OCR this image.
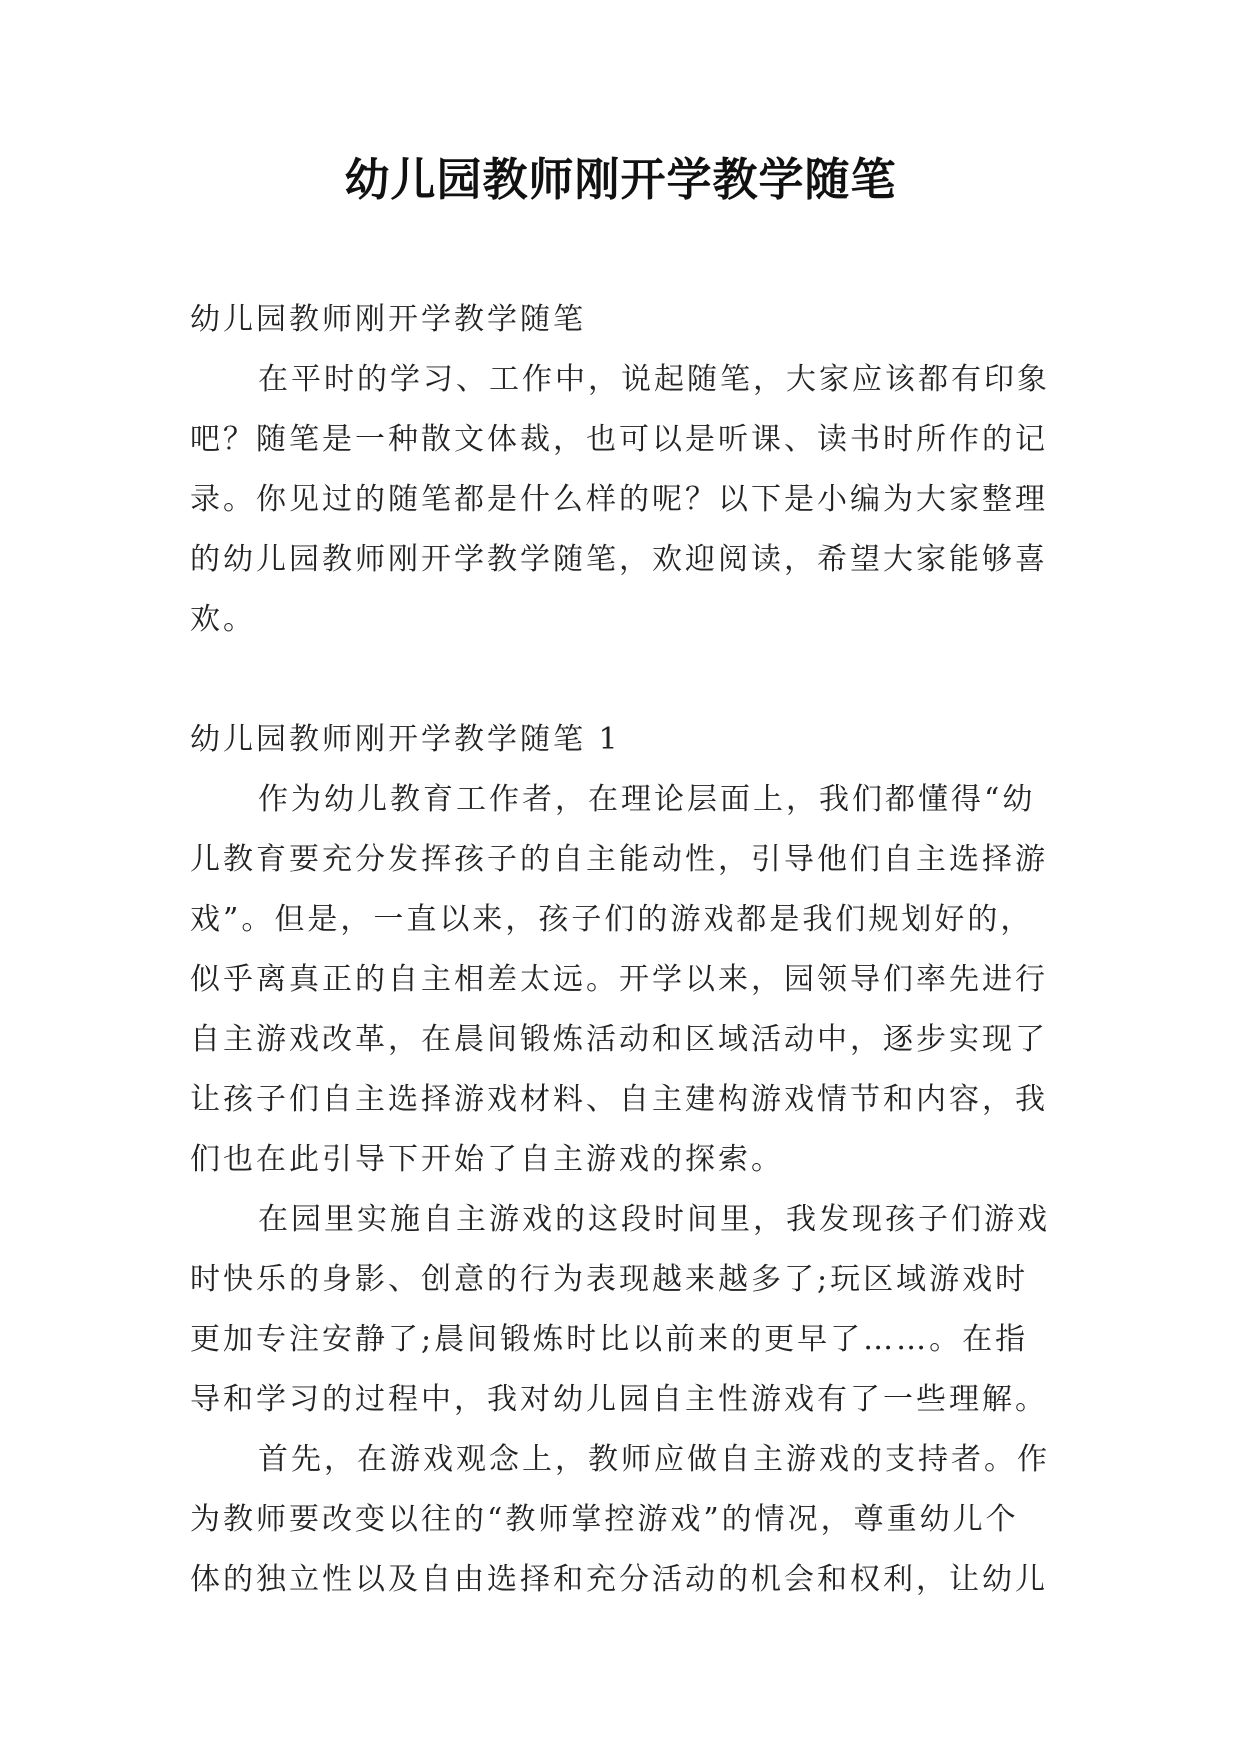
幼儿园教师刚开学教学随笔
幼儿园教师刚开学教学随笔
在平时的学习、工作中，说起随笔，大家应该都有印象
吧？随笔是一种散文体裁，也可以是听课、读书时所作的记
录。你见过的随笔都是什么样的呢？以下是小编为大家整理
的幼儿园教师刚开学教学随笔，欢迎阅读，希望大家能够喜
欢。
幼儿园教师刚开学教学随笔 1
作为幼儿教育工作者，在理论层面上，我们都懂得“幼
儿教育要充分发挥孩子的自主能动性，引导他们自主选择游
戏”。但是，一直以来，孩子们的游戏都是我们规划好的，
似乎离真正的自主相差太远。开学以来，园领导们率先进行
自主游戏改革，在晨间锻炼活动和区域活动中，逐步实现了
让孩子们自主选择游戏材料、自主建构游戏情节和内容，我
们也在此引导下开始了自主游戏的探索。
在园里实施自主游戏的这段时间里，我发现孩子们游戏
时快乐的身影、创意的行为表现越来越多了;玩区域游戏时
更加专注安静了;晨间锻炼时比以前来的更早了……。在指
导和学习的过程中，我对幼儿园自主性游戏有了一些理解。
首先，在游戏观念上，教师应做自主游戏的支持者。作
为教师要改变以往的“教师掌控游戏”的情况，尊重幼儿个
体的独立性以及自由选择和充分活动的机会和权利，让幼儿
